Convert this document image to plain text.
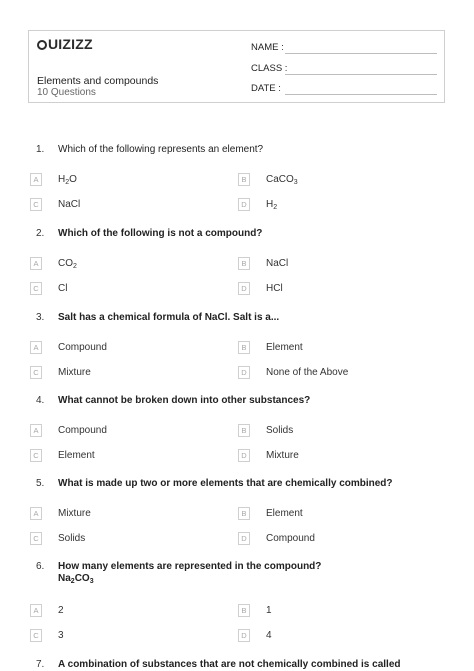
UIZIZZ
Elements and compounds
10 Questions
NAME :
CLASS :
DATE :
1. Which of the following represents an element?
A	$H_2O$	B	CaCO$_3$
C	NaCl	D	$H_2$
2. Which of the following is not a compound?
A	$CO_2$	B	NaCl
C	Cl	D	HCl
3. Salt has a chemical formula of NaCl. Salt is a...
A	Compound	B	Element
C	Mixture	D	None of the Above
4. What cannot be broken down into other substances?
A	Compound	B	Solids
C	Element	D	Mixture
5. What is made up two or more elements that are chemically combined?
A	Mixture	B	Element
C	Solids	D	Compound
6. How many elements are represented in the compound?
$Na_2CO_3$
A	2	B	1
C	3	D	4
7. A combination of substances that are not chemically combined is called
